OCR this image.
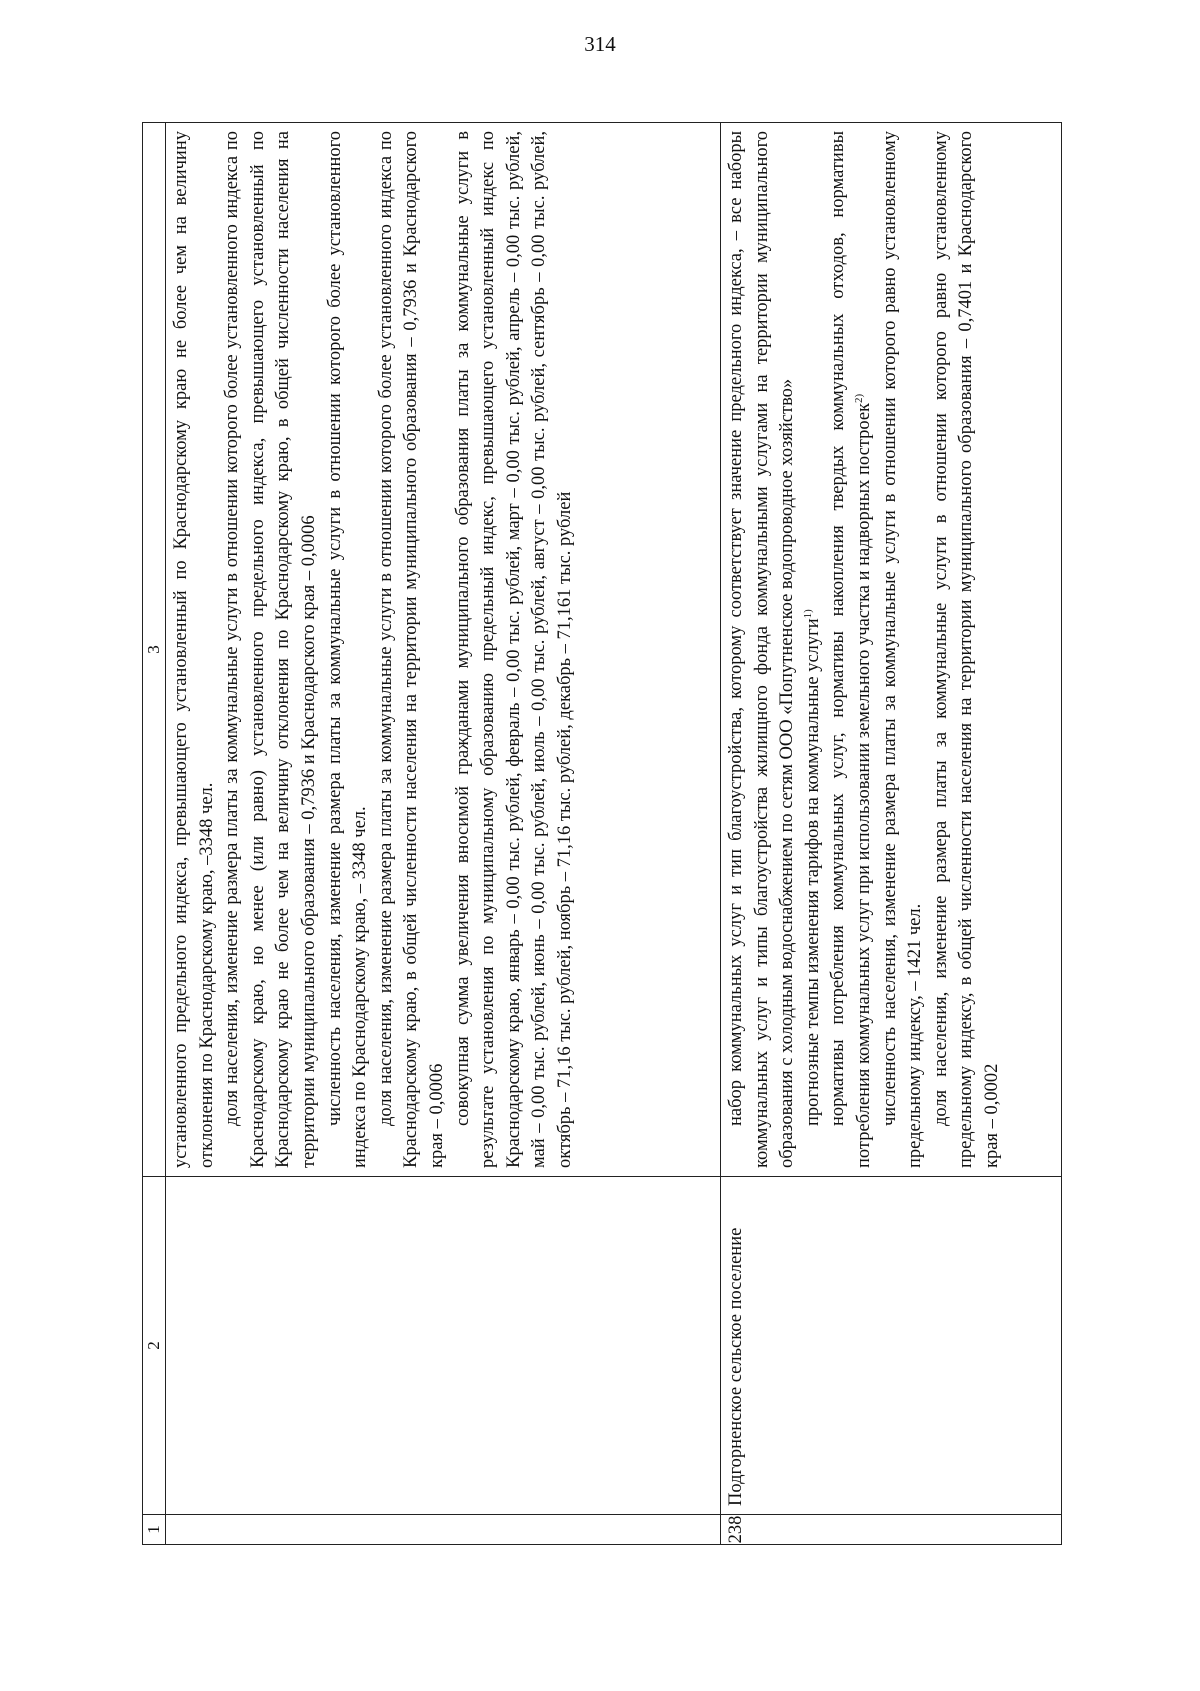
314
1	2	3

		установленного предельного индекса, превышающего установленный по Краснодарскому краю не более чем на величину отклонения по Краснодарскому краю, –3348 чел. доля населения, изменение размера платы за коммунальные услуги в отношении которого более установленного индекса по Краснодарскому краю, но менее (или равно) установленного предельного индекса, превышающего установленный по Краснодарскому краю не более чем на величину отклонения по Краснодарскому краю, в общей численности населения на территории муниципального образования – 0,7936 и Краснодарского края – 0,0006 численность населения, изменение размера платы за коммунальные услуги в отношении которого более установленного индекса по Краснодарскому краю, – 3348 чел. доля населения, изменение размера платы за коммунальные услуги в отношении которого более установленного индекса по Краснодарскому краю, в общей численности населения на территории муниципального образования – 0,7936 и Краснодарского края – 0,0006 совокупная сумма увеличения вносимой гражданами муниципального образования платы за коммунальные услуги в результате установления по муниципальному образованию предельный индекс, превышающего установленный индекс по Краснодарскому краю, январь – 0,00 тыс. рублей, февраль – 0,00 тыс. рублей, март – 0,00 тыс. рублей, апрель – 0,00 тыс. рублей, май – 0,00 тыс. рублей, июнь – 0,00 тыс. рублей, июль – 0,00 тыс. рублей, август – 0,00 тыс. рублей, сентябрь – 0,00 тыс. рублей, октябрь – 71,16 тыс. рублей, ноябрь – 71,16 тыс. рублей, декабрь – 71,161 тыс. рублей

238	Подгорненское сельское поселение	набор коммунальных услуг и тип благоустройства, которому соответствует значение предельного индекса, – все наборы коммунальных услуг и типы благоустройства жилищного фонда коммунальными услугами на территории муниципального образования с холодным водоснабжением по сетям ООО «Попутненское водопроводное хозяйство» прогнозные темпы изменения тарифов на коммунальные услуги$^{1)}$ нормативы потребления коммунальных услуг, нормативы накопления твердых коммунальных отходов, нормативы потребления коммунальных услуг при использовании земельного участка и надворных построек$^{2)}$ численность населения, изменение размера платы за коммунальные услуги в отношении которого равно установленному предельному индексу, – 1421 чел. доля населения, изменение размера платы за коммунальные услуги в отношении которого равно установленному предельному индексу, в общей численности населения на территории муниципального образования – 0,7401 и Краснодарского края – 0,0002
